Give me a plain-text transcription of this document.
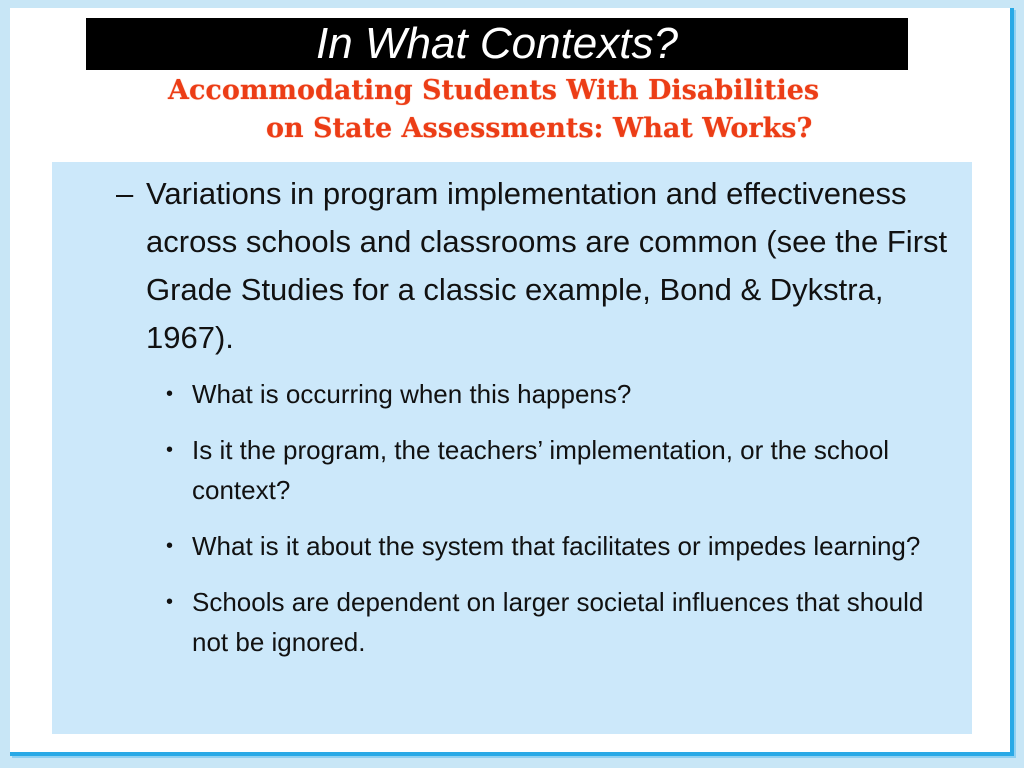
In What Contexts?
Accommodating Students With Disabilities
on State Assessments: What Works?
– Variations in program implementation and effectiveness across schools and classrooms are common (see the First Grade Studies for a classic example, Bond & Dykstra, 1967).
• What is occurring when this happens?
• Is it the program, the teachers’ implementation, or the school context?
• What is it about the system that facilitates or impedes learning?
• Schools are dependent on larger societal influences that should not be ignored.
